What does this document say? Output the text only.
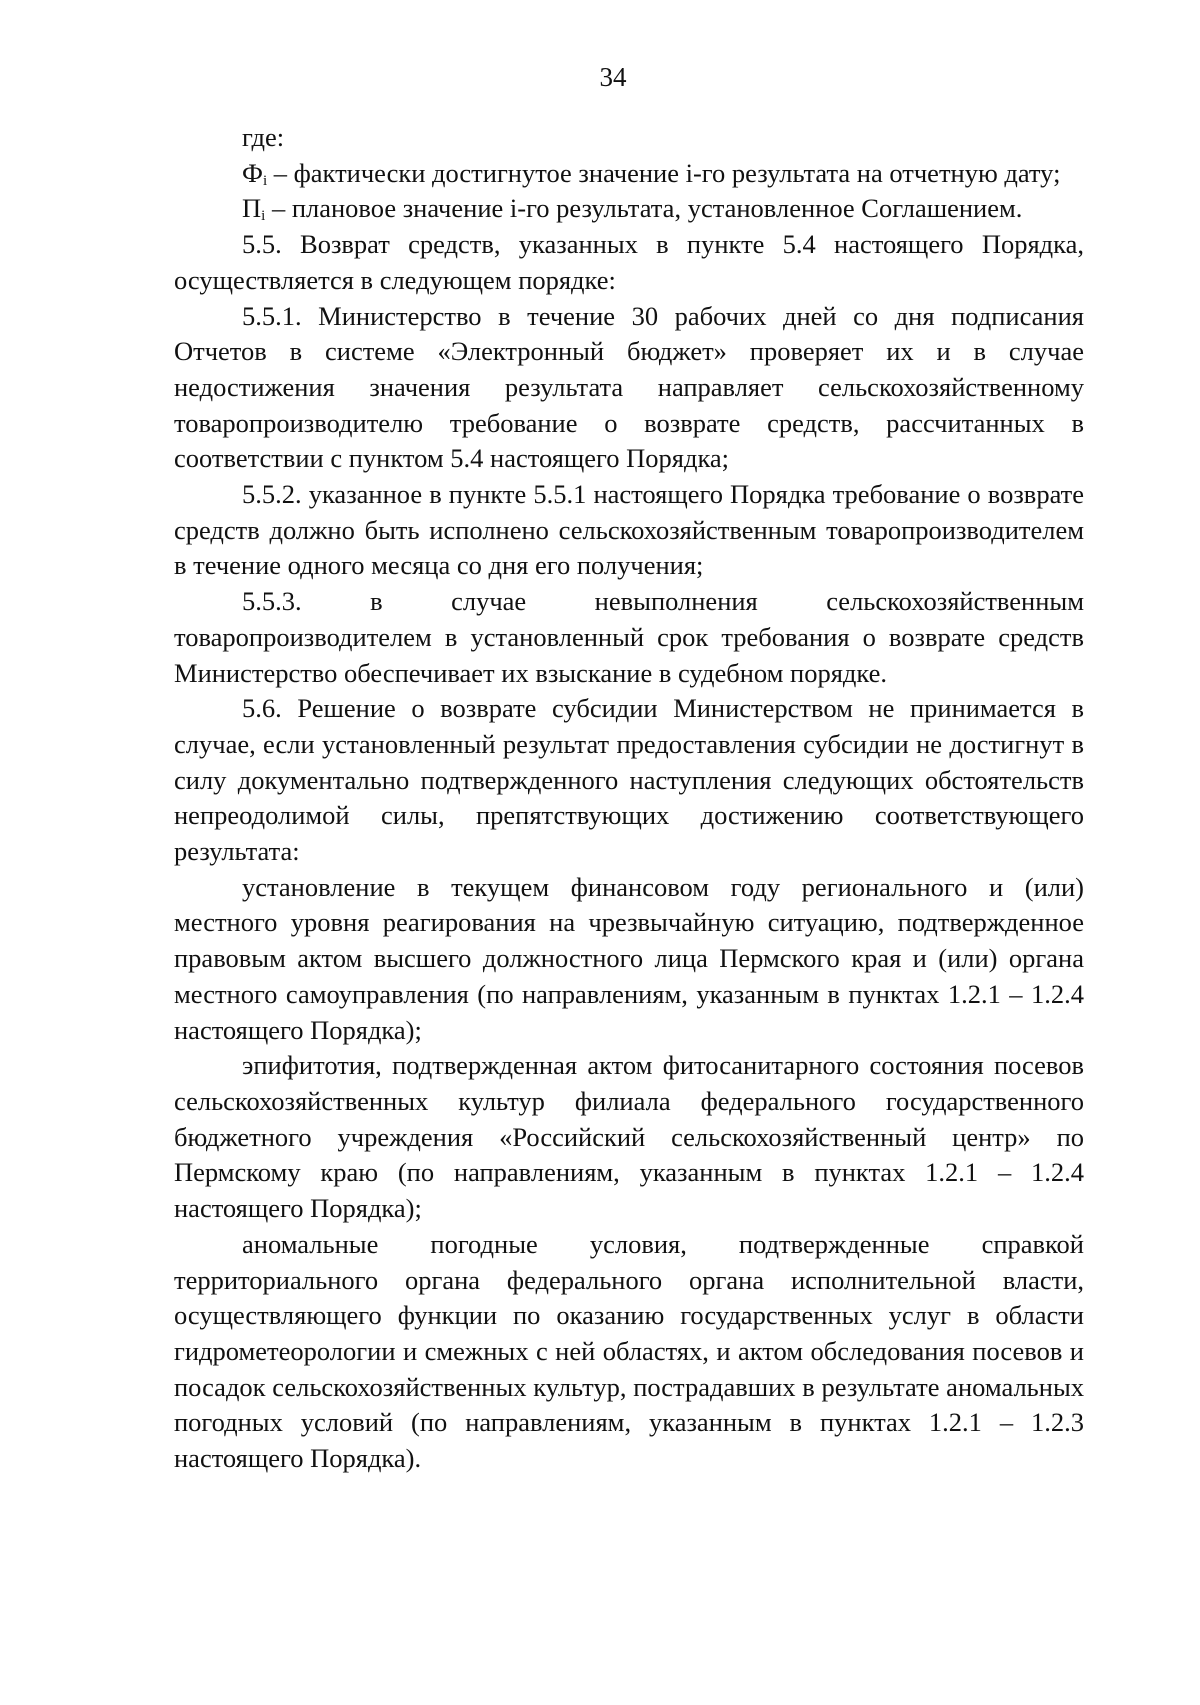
34

где:

$Ф_i$ – фактически достигнутое значение i-го результата на отчетную дату;

$П_i$ – плановое значение i-го результата, установленное Соглашением.

5.5. Возврат средств, указанных в пункте 5.4 настоящего Порядка, осуществляется в следующем порядке:

5.5.1. Министерство в течение 30 рабочих дней со дня подписания Отчетов в системе «Электронный бюджет» проверяет их и в случае недостижения значения результата направляет сельскохозяйственному товаропроизводителю требование о возврате средств, рассчитанных в соответствии с пунктом 5.4 настоящего Порядка;

5.5.2. указанное в пункте 5.5.1 настоящего Порядка требование о возврате средств должно быть исполнено сельскохозяйственным товаропроизводителем в течение одного месяца со дня его получения;

5.5.3. в случае невыполнения сельскохозяйственным товаропроизводителем в установленный срок требования о возврате средств Министерство обеспечивает их взыскание в судебном порядке.

5.6. Решение о возврате субсидии Министерством не принимается в случае, если установленный результат предоставления субсидии не достигнут в силу документально подтвержденного наступления следующих обстоятельств непреодолимой силы, препятствующих достижению соответствующего результата:

установление в текущем финансовом году регионального и (или) местного уровня реагирования на чрезвычайную ситуацию, подтвержденное правовым актом высшего должностного лица Пермского края и (или) органа местного самоуправления (по направлениям, указанным в пунктах 1.2.1 – 1.2.4 настоящего Порядка);

эпифитотия, подтвержденная актом фитосанитарного состояния посевов сельскохозяйственных культур филиала федерального государственного бюджетного учреждения «Российский сельскохозяйственный центр» по Пермскому краю (по направлениям, указанным в пунктах 1.2.1 – 1.2.4 настоящего Порядка);

аномальные погодные условия, подтвержденные справкой территориального органа федерального органа исполнительной власти, осуществляющего функции по оказанию государственных услуг в области гидрометеорологии и смежных с ней областях, и актом обследования посевов и посадок сельскохозяйственных культур, пострадавших в результате аномальных погодных условий (по направлениям, указанным в пунктах 1.2.1 – 1.2.3 настоящего Порядка).
